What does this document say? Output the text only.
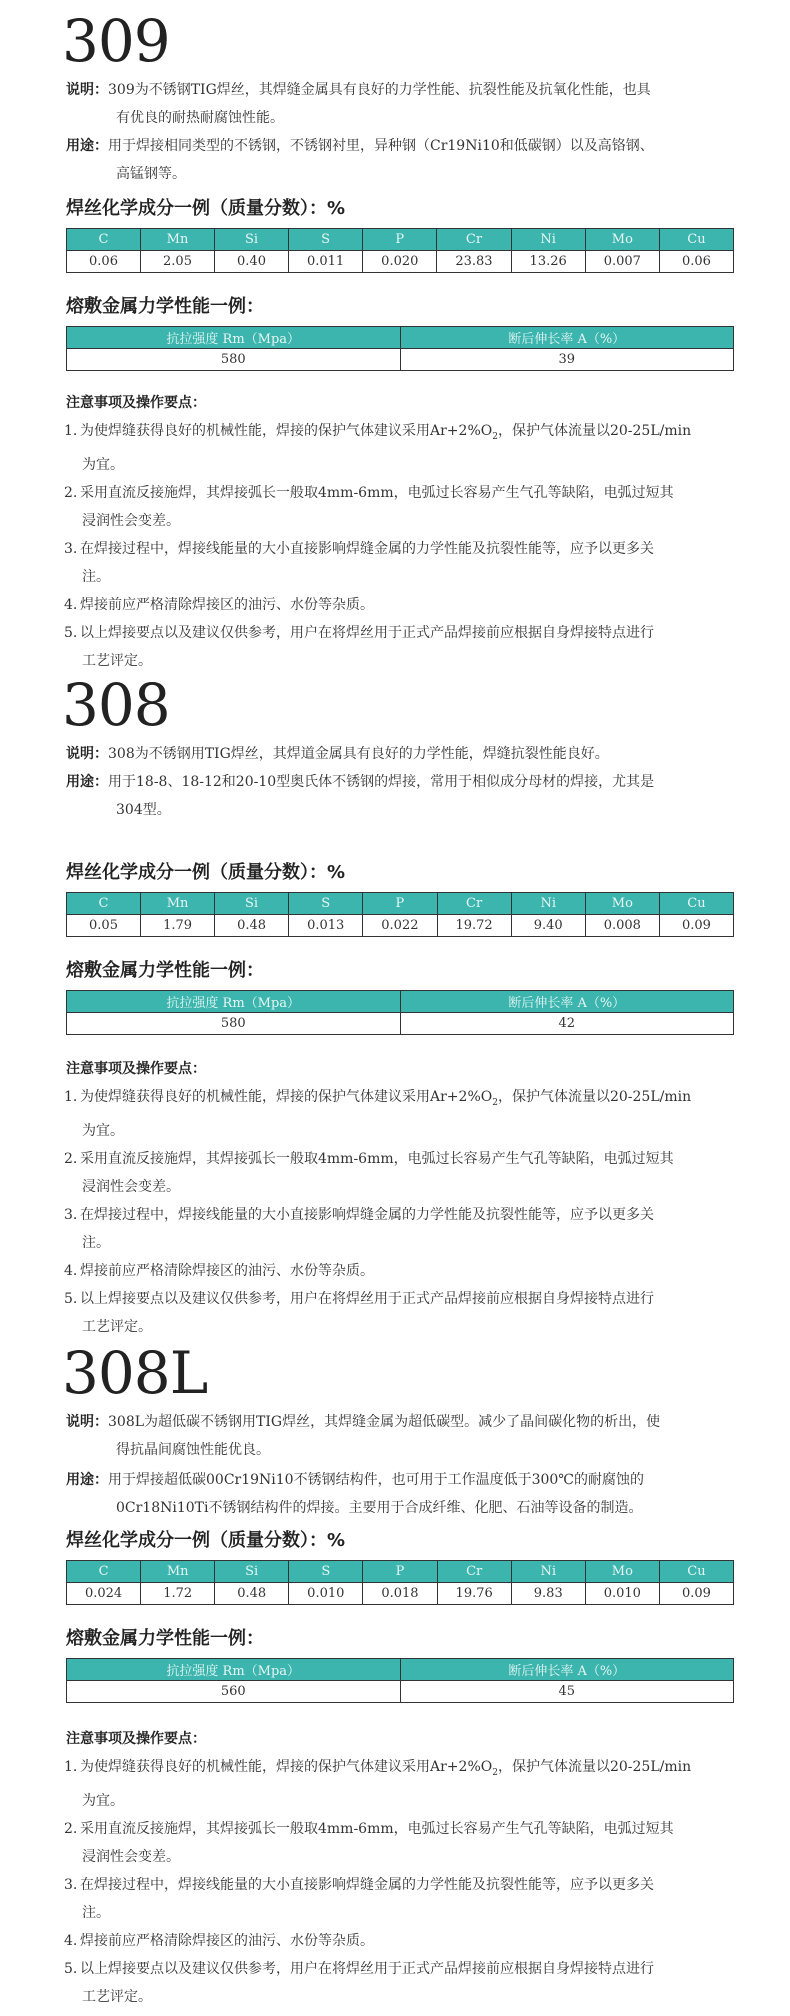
309
说明：309为不锈钢TIG焊丝，其焊缝金属具有良好的力学性能、抗裂性能及抗氧化性能，也具
有优良的耐热耐腐蚀性能。
用途：用于焊接相同类型的不锈钢，不锈钢衬里，异种钢（Cr19Ni10和低碳钢）以及高铬钢、
高锰钢等。
焊丝化学成分一例（质量分数）：%
C	Mn	Si	S	P	Cr	Ni	Mo	Cu
0.06	2.05	0.40	0.011	0.020	23.83	13.26	0.007	0.06
熔敷金属力学性能一例：
抗拉强度 Rm（Mpa）	断后伸长率 A（%）
580	39
注意事项及操作要点：
1. 为使焊缝获得良好的机械性能，焊接的保护气体建议采用$Ar+2\%O_2$，保护气体流量以20-25L/min
为宜。
2. 采用直流反接施焊，其焊接弧长一般取4mm-6mm，电弧过长容易产生气孔等缺陷，电弧过短其
浸润性会变差。
3. 在焊接过程中，焊接线能量的大小直接影响焊缝金属的力学性能及抗裂性能等，应予以更多关
注。
4. 焊接前应严格清除焊接区的油污、水份等杂质。
5. 以上焊接要点以及建议仅供参考，用户在将焊丝用于正式产品焊接前应根据自身焊接特点进行
工艺评定。
308
说明：308为不锈钢用TIG焊丝，其焊道金属具有良好的力学性能，焊缝抗裂性能良好。
用途：用于18-8、18-12和20-10型奥氏体不锈钢的焊接，常用于相似成分母材的焊接，尤其是
304型。
焊丝化学成分一例（质量分数）：%
C	Mn	Si	S	P	Cr	Ni	Mo	Cu
0.05	1.79	0.48	0.013	0.022	19.72	9.40	0.008	0.09
熔敷金属力学性能一例：
抗拉强度 Rm（Mpa）	断后伸长率 A（%）
580	42
注意事项及操作要点：
1. 为使焊缝获得良好的机械性能，焊接的保护气体建议采用$Ar+2\%O_2$，保护气体流量以20-25L/min
为宜。
2. 采用直流反接施焊，其焊接弧长一般取4mm-6mm，电弧过长容易产生气孔等缺陷，电弧过短其
浸润性会变差。
3. 在焊接过程中，焊接线能量的大小直接影响焊缝金属的力学性能及抗裂性能等，应予以更多关
注。
4. 焊接前应严格清除焊接区的油污、水份等杂质。
5. 以上焊接要点以及建议仅供参考，用户在将焊丝用于正式产品焊接前应根据自身焊接特点进行
工艺评定。
308L
说明：308L为超低碳不锈钢用TIG焊丝，其焊缝金属为超低碳型。减少了晶间碳化物的析出，使
得抗晶间腐蚀性能优良。
用途：用于焊接超低碳00Cr19Ni10不锈钢结构件，也可用于工作温度低于300℃的耐腐蚀的
0Cr18Ni10Ti不锈钢结构件的焊接。主要用于合成纤维、化肥、石油等设备的制造。
焊丝化学成分一例（质量分数）：%
C	Mn	Si	S	P	Cr	Ni	Mo	Cu
0.024	1.72	0.48	0.010	0.018	19.76	9.83	0.010	0.09
熔敷金属力学性能一例：
抗拉强度 Rm（Mpa）	断后伸长率 A（%）
560	45
注意事项及操作要点：
1. 为使焊缝获得良好的机械性能，焊接的保护气体建议采用$Ar+2\%O_2$，保护气体流量以20-25L/min
为宜。
2. 采用直流反接施焊，其焊接弧长一般取4mm-6mm，电弧过长容易产生气孔等缺陷，电弧过短其
浸润性会变差。
3. 在焊接过程中，焊接线能量的大小直接影响焊缝金属的力学性能及抗裂性能等，应予以更多关
注。
4. 焊接前应严格清除焊接区的油污、水份等杂质。
5. 以上焊接要点以及建议仅供参考，用户在将焊丝用于正式产品焊接前应根据自身焊接特点进行
工艺评定。
